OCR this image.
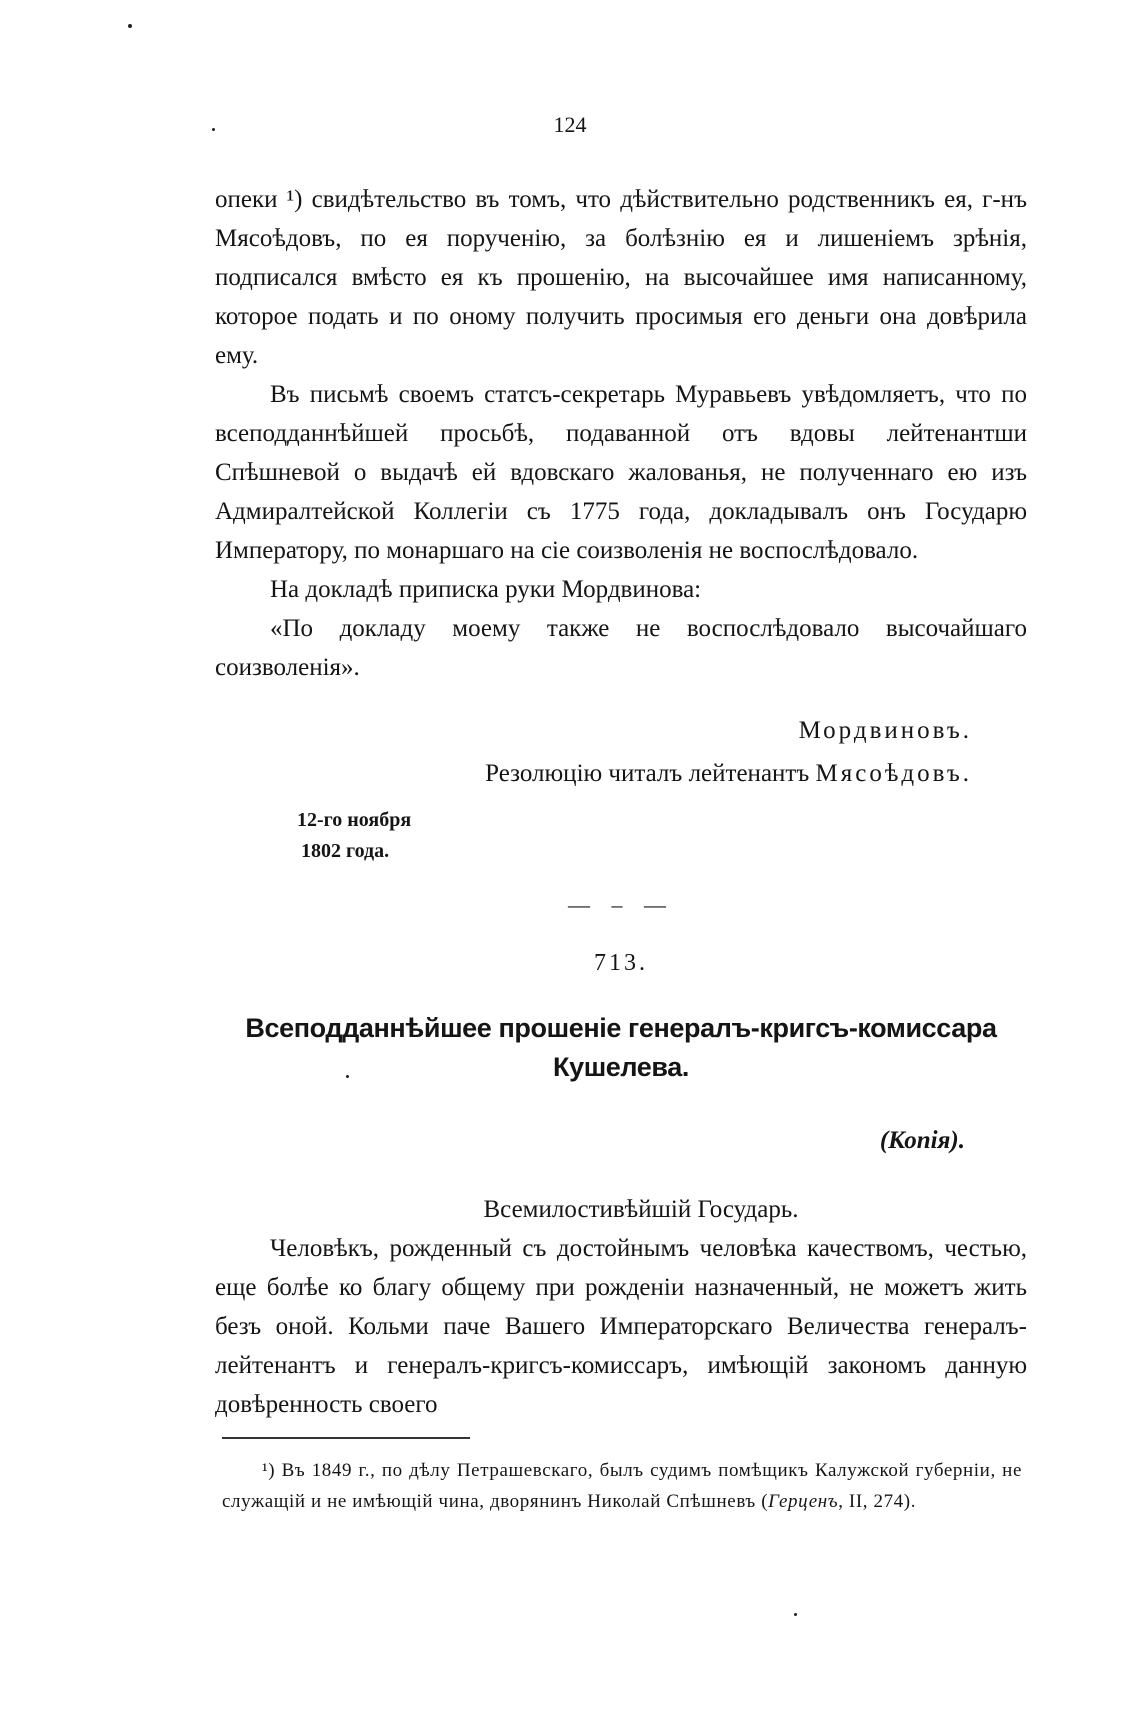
124

опеки ¹) свидѣтельство въ томъ, что дѣйствительно родственникъ ея, г-нъ Мясоѣдовъ, по ея порученію, за болѣзнію ея и лишеніемъ зрѣнія, подписался вмѣсто ея къ прошенію, на высочайшее имя написанному, которое подать и по оному получить просимыя его деньги она довѣрила ему.

Въ письмѣ своемъ статсъ-секретарь Муравьевъ увѣдомляетъ, что по всеподданнѣйшей просьбѣ, подаванной отъ вдовы лейтенантши Спѣшневой о выдачѣ ей вдовскаго жалованья, не полученнаго ею изъ Адмиралтейской Коллегіи съ 1775 года, докладывалъ онъ Государю Императору, по монаршаго на сіе соизволенія не воспослѣдовало.

На докладѣ приписка руки Мордвинова:

«По докладу моему также не воспослѣдовало высочайшаго соизволенія».

Мордвиновъ.
Резолюцію читалъ лейтенантъ Мясоѣдовъ.
12-го ноября
1802 года.
— – —
713.
Всеподданнѣйшее прошеніе генералъ-кригсъ-комиссара Кушелева.
(Копія).
Всемилостивѣйшій Государь.

Человѣкъ, рожденный съ достойнымъ человѣка качествомъ, честью, еще болѣе ко благу общему при рожденіи назначенный, не можетъ жить безъ оной. Кольми паче Вашего Императорскаго Величества генералъ-лейтенантъ и генералъ-кригсъ-комиссаръ, имѣющій закономъ данную довѣренность своего

¹) Въ 1849 г., по дѣлу Петрашевскаго, былъ судимъ помѣщикъ Калужской губерніи, не служащій и не имѣющій чина, дворянинъ Николай Спѣшневъ (Герценъ, II, 274).
